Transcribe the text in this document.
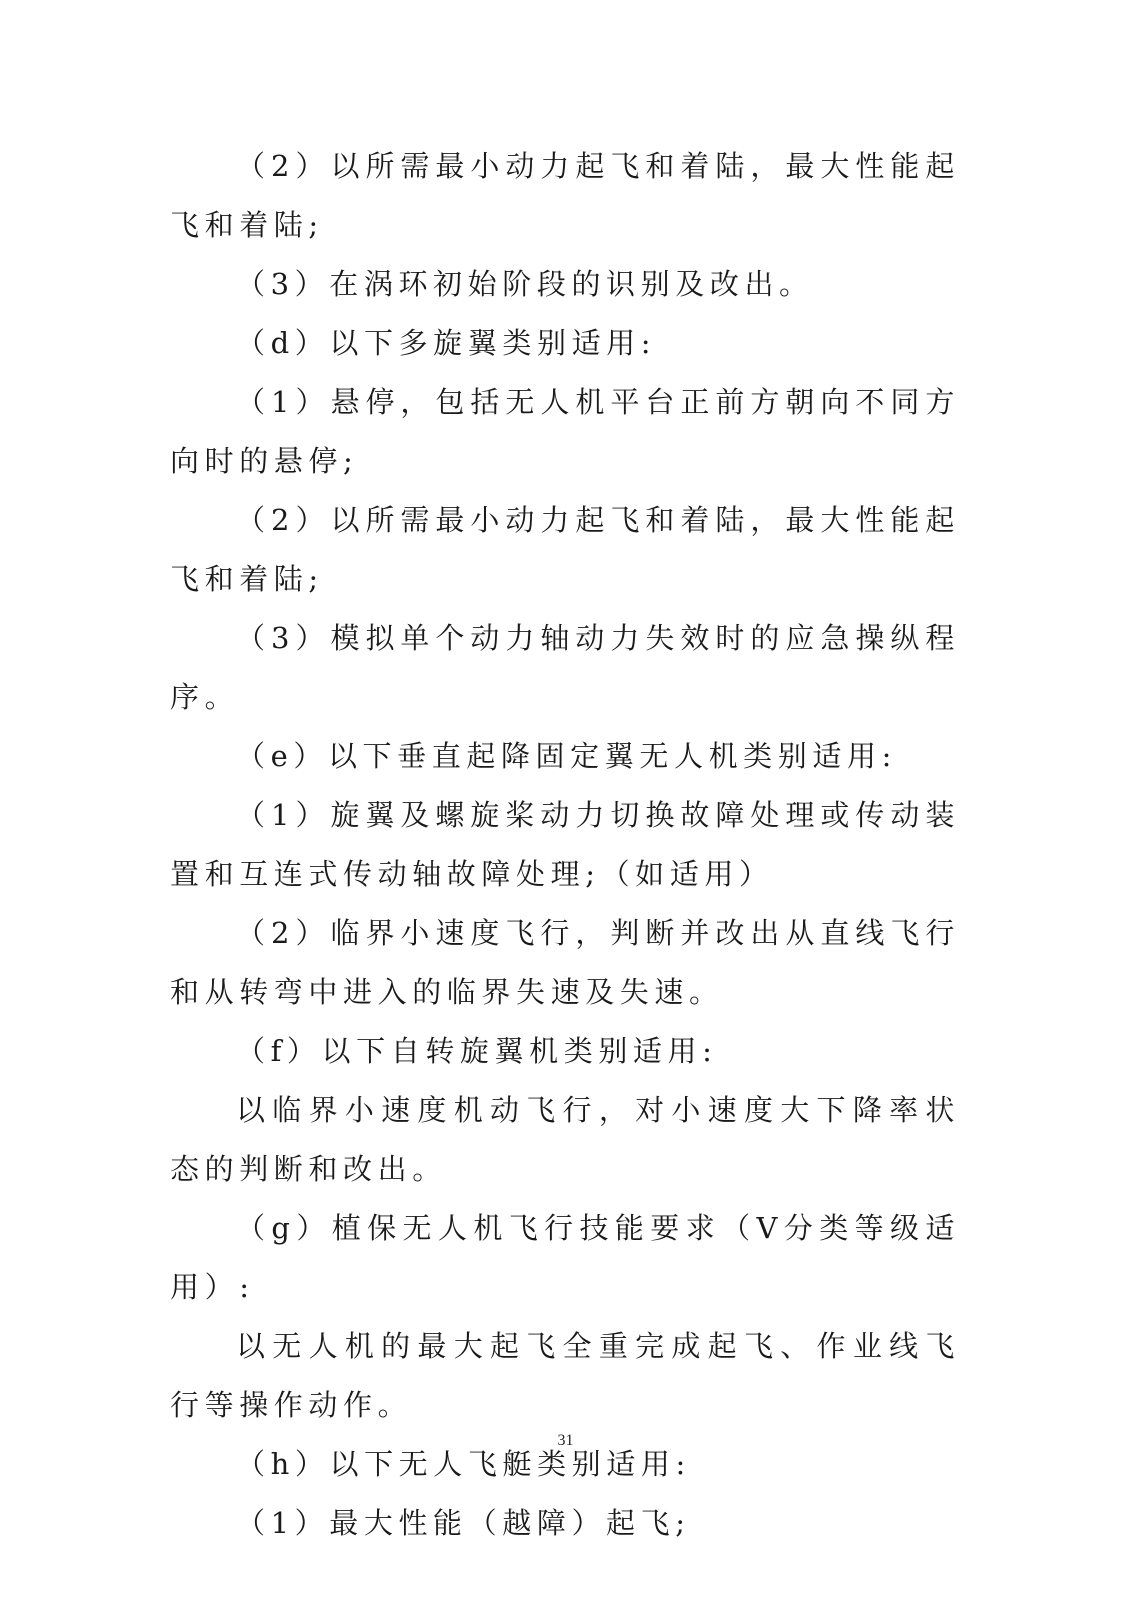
（2）以所需最小动力起飞和着陆，最大性能起飞和着陆;

（3）在涡环初始阶段的识别及改出。

（d）以下多旋翼类别适用:

（1）悬停，包括无人机平台正前方朝向不同方向时的悬停;

（2）以所需最小动力起飞和着陆，最大性能起飞和着陆;

（3）模拟单个动力轴动力失效时的应急操纵程序。

（e）以下垂直起降固定翼无人机类别适用:

（1）旋翼及螺旋桨动力切换故障处理或传动装置和互连式传动轴故障处理;（如适用）

（2）临界小速度飞行，判断并改出从直线飞行和从转弯中进入的临界失速及失速。

（f）以下自转旋翼机类别适用:

以临界小速度机动飞行，对小速度大下降率状态的判断和改出。

（g）植保无人机飞行技能要求（Ⅴ分类等级适用）:

以无人机的最大起飞全重完成起飞、作业线飞行等操作动作。

（h）以下无人飞艇类别适用:

（1）最大性能（越障）起飞;

31
